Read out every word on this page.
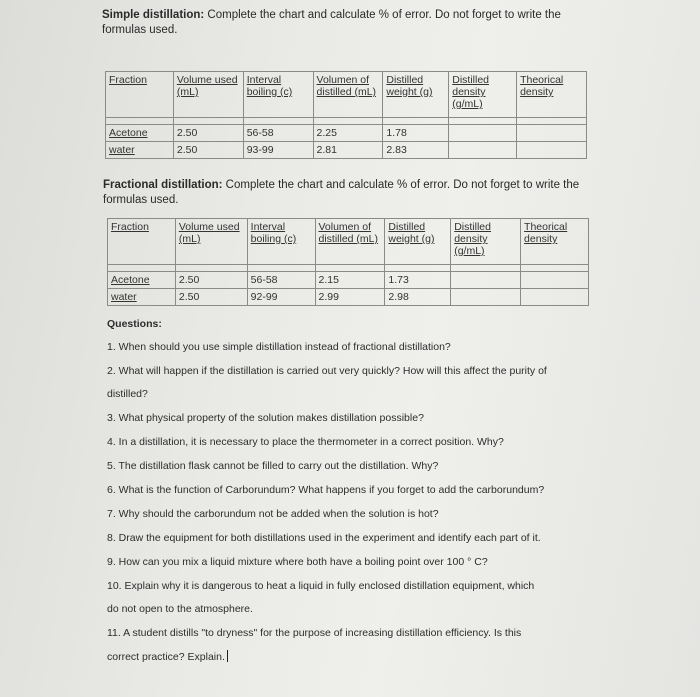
Simple distillation: Complete the chart and calculate % of error. Do not forget to write the formulas used.
Fraction	Volume used (mL)	Interval boiling (c)	Volumen of distilled (mL)	Distilled weight (g)	Distilled density (g/mL)	Theorical density

Acetone	2.50	56-58	2.25	1.78		
water	2.50	93-99	2.81	2.83		
Fractional distillation: Complete the chart and calculate % of error. Do not forget to write the formulas used.
Fraction	Volume used (mL)	Interval boiling (c)	Volumen of distilled (mL)	Distilled weight (g)	Distilled density (g/mL)	Theorical density

Acetone	2.50	56-58	2.15	1.73		
water	2.50	92-99	2.99	2.98		
Questions:
1. When should you use simple distillation instead of fractional distillation?
2. What will happen if the distillation is carried out very quickly? How will this affect the purity of
distilled?
3. What physical property of the solution makes distillation possible?
4. In a distillation, it is necessary to place the thermometer in a correct position. Why?
5. The distillation flask cannot be filled to carry out the distillation. Why?
6. What is the function of Carborundum? What happens if you forget to add the carborundum?
7. Why should the carborundum not be added when the solution is hot?
8. Draw the equipment for both distillations used in the experiment and identify each part of it.
9. How can you mix a liquid mixture where both have a boiling point over 100 ° C?
10. Explain why it is dangerous to heat a liquid in fully enclosed distillation equipment, which
do not open to the atmosphere.
11. A student distills "to dryness" for the purpose of increasing distillation efficiency. Is this
correct practice? Explain.
